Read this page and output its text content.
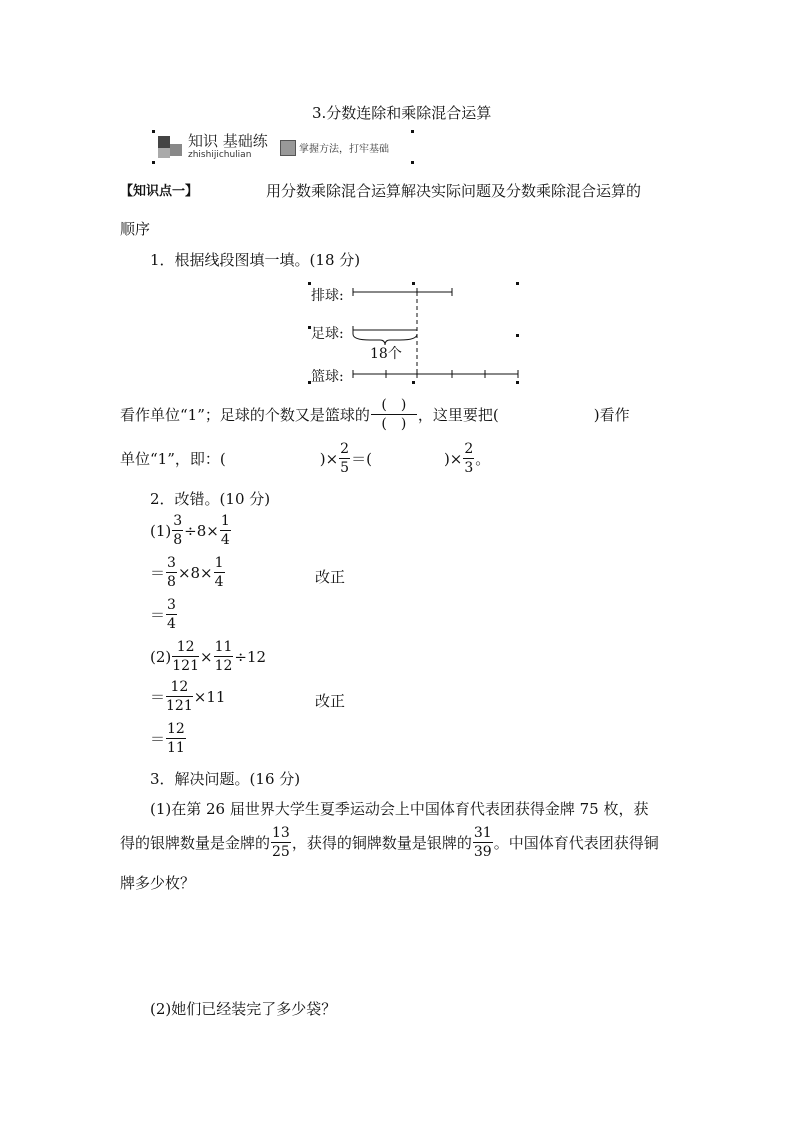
3.分数连除和乘除混合运算
知识 基础练
zhishijichulian	掌握方法，打牢基础
【知识点一】	用分数乘除混合运算解决实际问题及分数乘除混合运算的
顺序
1．根据线段图填一填。(18 分)
排球:
足球:
18个
篮球:
看作单位“1”；足球的个数又是篮球的 $\frac{( )}{( )}$ ，这里要把(	)看作
单位“1”，即：(	)× $\frac{2}{5}$ ＝(	)× $\frac{2}{3}$ 。
2．改错。(10 分)
$(1) \frac{3}{8} \div 8\times \frac{1}{4}$
＝ $\frac{3}{8} \times 8\times \frac{1}{4}$	改正
＝ $\frac{3}{4}$
$(2) \frac{12}{121} \times \frac{11}{12} \div 12$
＝ $\frac{12}{121} \times 11$	改正
＝ $\frac{12}{11}$
3．解决问题。(16 分)
(1)在第 26 届世界大学生夏季运动会上中国体育代表团获得金牌 75 枚，获
得的银牌数量是金牌的 $\frac{13}{25}$ ，获得的铜牌数量是银牌的 $\frac{31}{39}$ 。中国体育代表团获得铜
牌多少枚？
(2)她们已经装完了多少袋？
